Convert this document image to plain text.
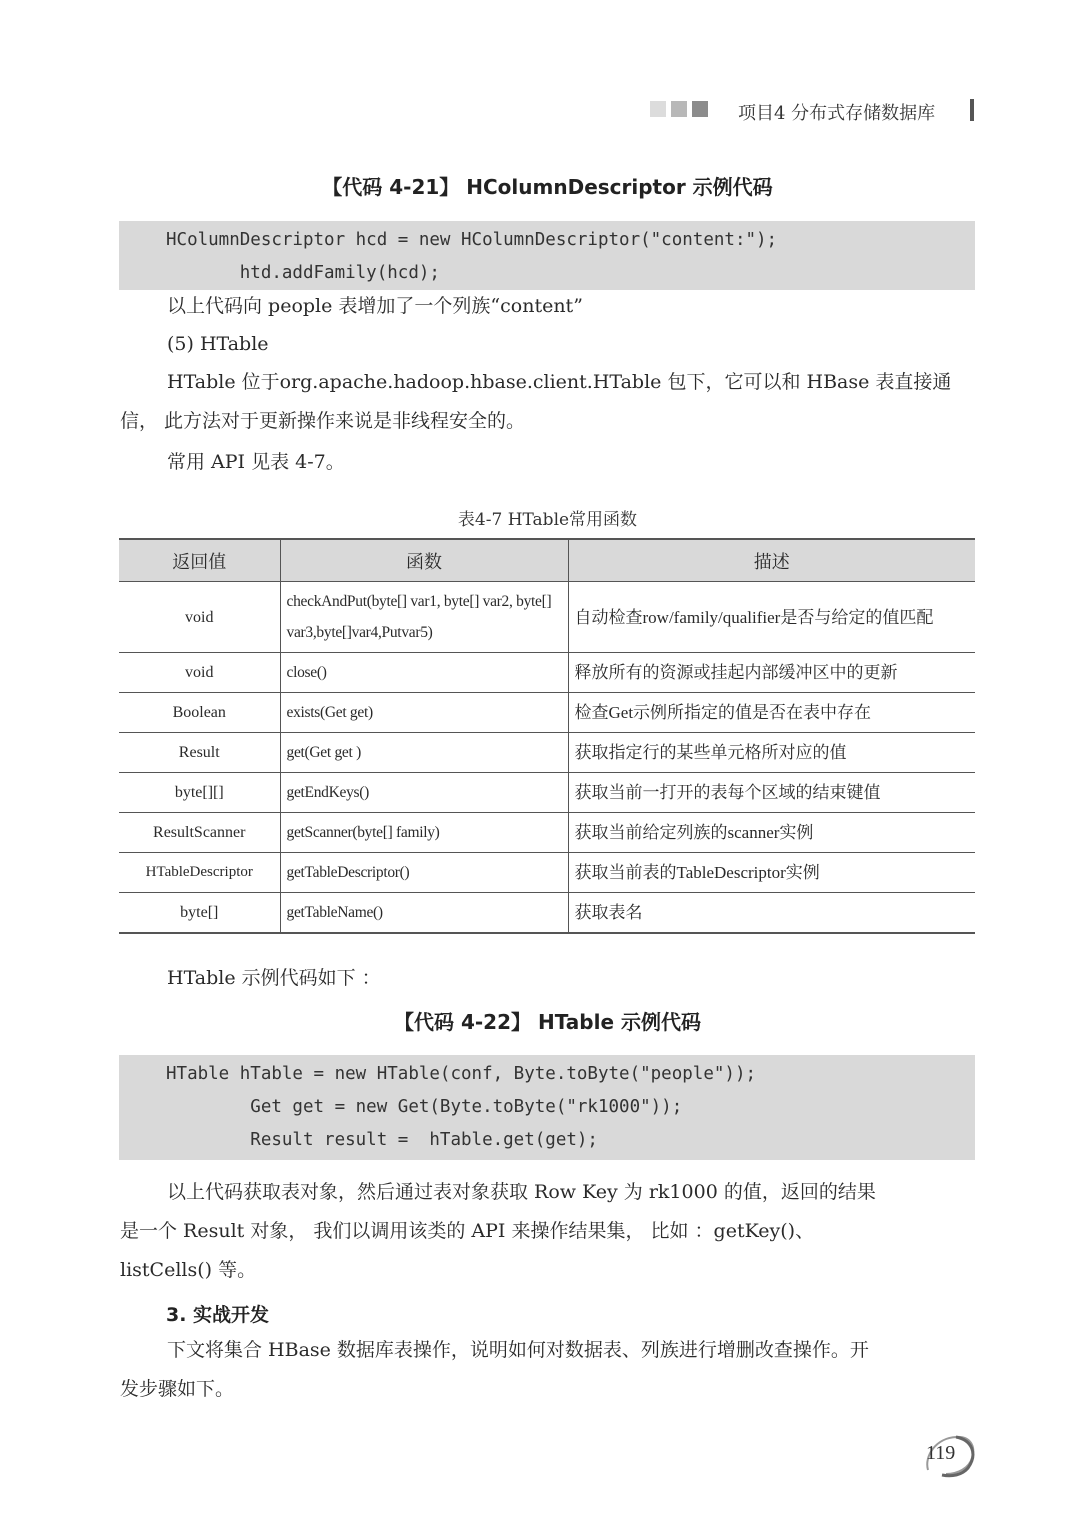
项目4 分布式存储数据库
【代码 4-21】 HColumnDescriptor 示例代码
HColumnDescriptor hcd = new HColumnDescriptor("content:");
htd.addFamily(hcd);
以上代码向 people 表增加了一个列族“content”
(5) HTable
HTable 位于org.apache.hadoop.hbase.client.HTable 包下，它可以和 HBase 表直接通
信， 此方法对于更新操作来说是非线程安全的。
常用 API 见表 4-7。
表4-7 HTable常用函数
返回值	函数	描述
void	checkAndPut(byte[] var1, byte[] var2, byte[] var3,byte[]var4,Putvar5)	自动检查row/family/qualifier是否与给定的值匹配
void	close()	释放所有的资源或挂起内部缓冲区中的更新
Boolean	exists(Get get)	检查Get示例所指定的值是否在表中存在
Result	get(Get get )	获取指定行的某些单元格所对应的值
byte[][]	getEndKeys()	获取当前一打开的表每个区域的结束键值
ResultScanner	getScanner(byte[] family)	获取当前给定列族的scanner实例
HTableDescriptor	getTableDescriptor()	获取当前表的TableDescriptor实例
byte[]	getTableName()	获取表名
HTable 示例代码如下 ：
【代码 4-22】 HTable 示例代码
HTable hTable = new HTable(conf, Byte.toByte("people"));
Get get = new Get(Byte.toByte("rk1000"));
Result result =  hTable.get(get);
以上代码获取表对象，然后通过表对象获取 Row Key 为 rk1000 的值，返回的结果
是一个 Result 对象， 我们以调用该类的 API 来操作结果集， 比如 ：getKey()、
listCells() 等。
3. 实战开发
下文将集合 HBase 数据库表操作，说明如何对数据表、列族进行增删改查操作。开
发步骤如下。
119
